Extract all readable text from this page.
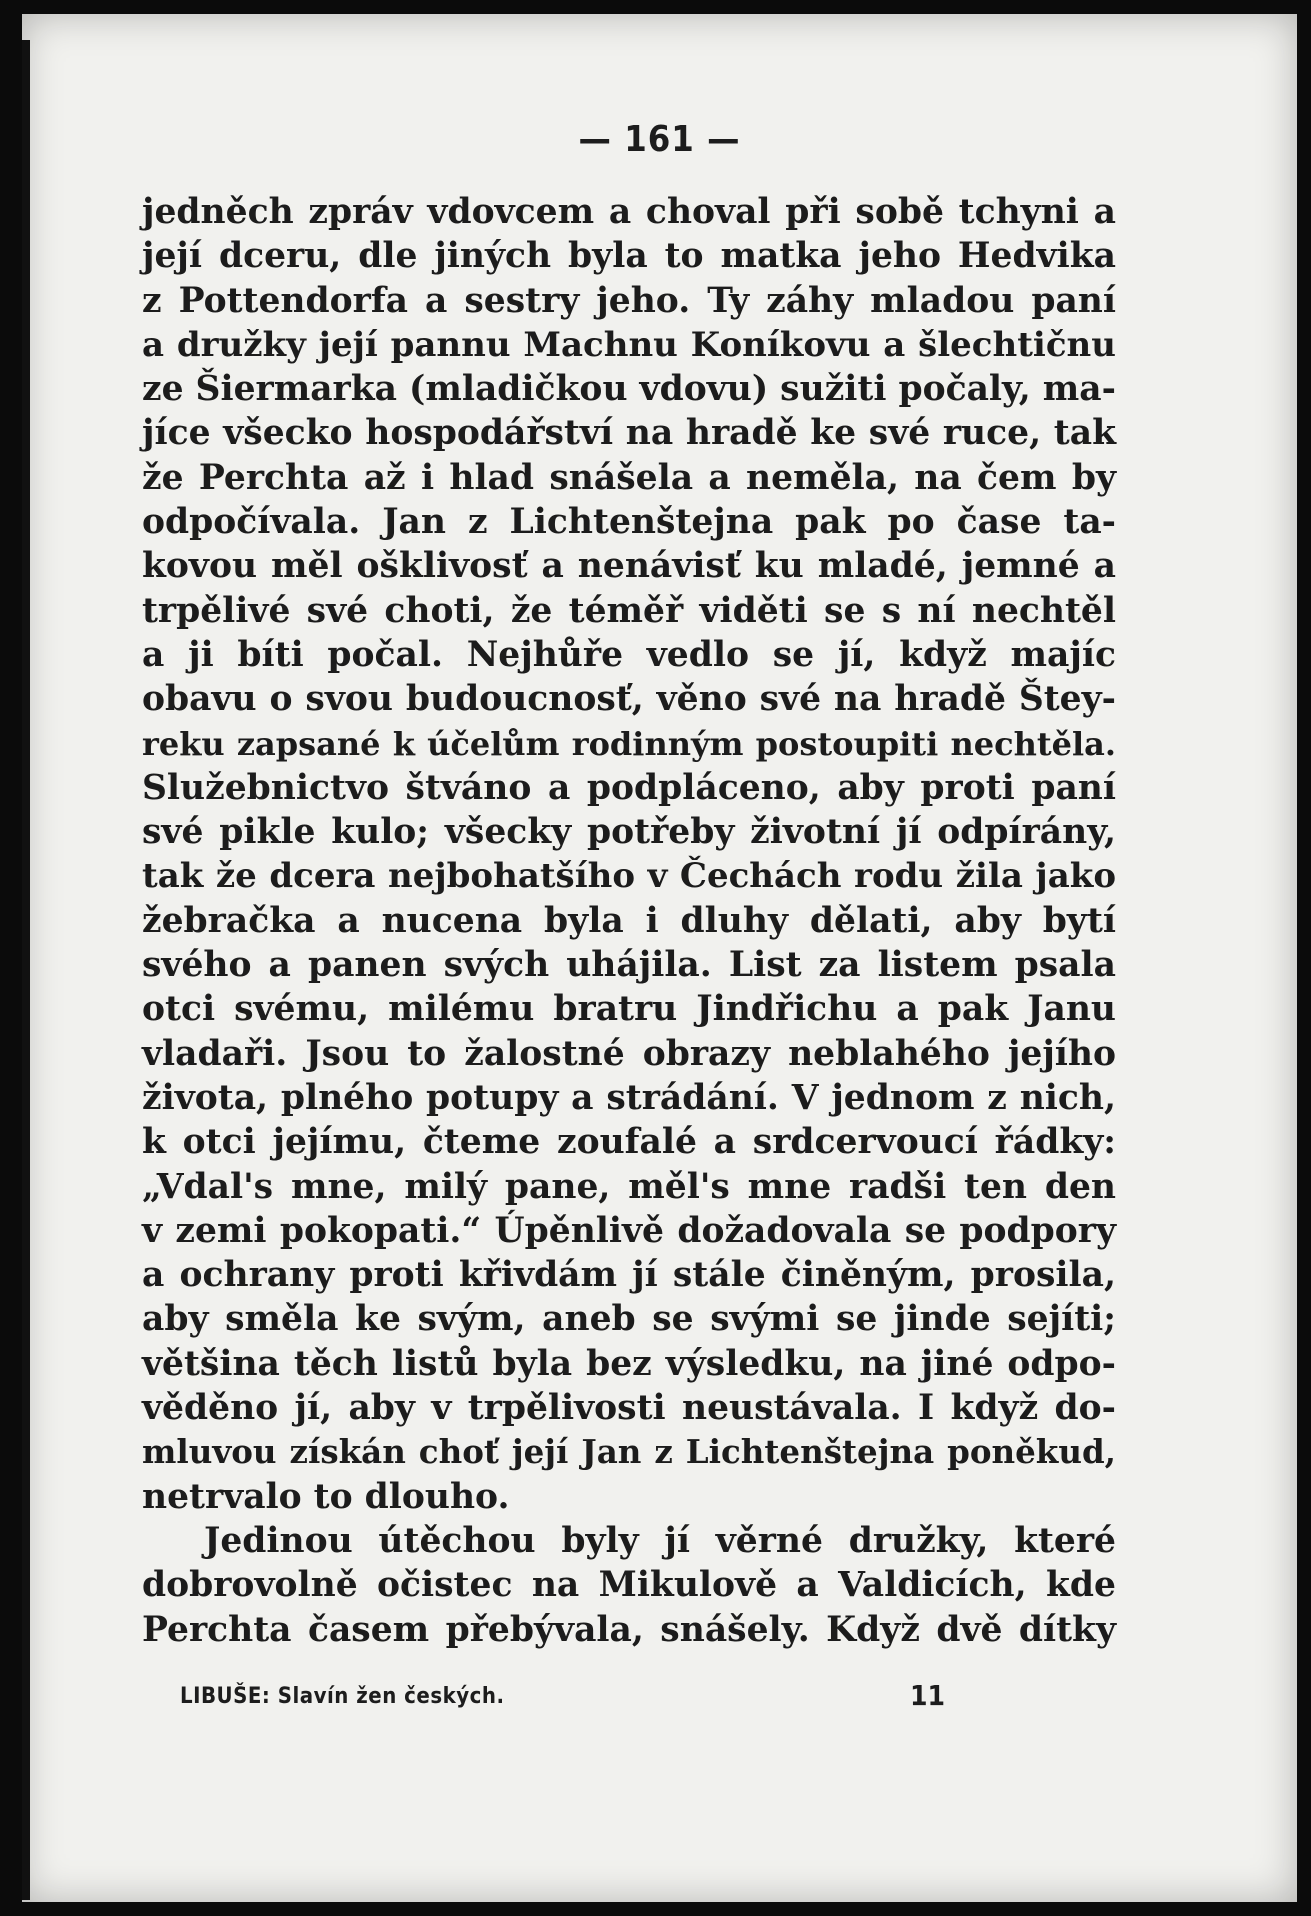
— 161 —
jedněch zpráv vdovcem a choval při sobě tchyni a
její dceru, dle jiných byla to matka jeho Hedvika
z Pottendorfa a sestry jeho. Ty záhy mladou paní
a družky její pannu Machnu Koníkovu a šlechtičnu
ze Šiermarka (mladičkou vdovu) sužiti počaly, ma-
jíce všecko hospodářství na hradě ke své ruce, tak
že Perchta až i hlad snášela a neměla, na čem by
odpočívala. Jan z Lichtenštejna pak po čase ta-
kovou měl ošklivosť a nenávisť ku mladé, jemné a
trpělivé své choti, že téměř viděti se s ní nechtěl
a ji bíti počal. Nejhůře vedlo se jí, když majíc
obavu o svou budoucnosť, věno své na hradě Štey-
reku zapsané k účelům rodinným postoupiti nechtěla.
Služebnictvo štváno a podpláceno, aby proti paní
své pikle kulo; všecky potřeby životní jí odpírány,
tak že dcera nejbohatšího v Čechách rodu žila jako
žebračka a nucena byla i dluhy dělati, aby bytí
svého a panen svých uhájila. List za listem psala
otci svému, milému bratru Jindřichu a pak Janu
vladaři. Jsou to žalostné obrazy neblahého jejího
života, plného potupy a strádání. V jednom z nich,
k otci jejímu, čteme zoufalé a srdcervoucí řádky:
„Vdal's mne, milý pane, měl's mne radši ten den
v zemi pokopati.“ Úpěnlivě dožadovala se podpory
a ochrany proti křivdám jí stále činěným, prosila,
aby směla ke svým, aneb se svými se jinde sejíti;
většina těch listů byla bez výsledku, na jiné odpo-
věděno jí, aby v trpělivosti neustávala. I když do-
mluvou získán choť její Jan z Lichtenštejna poněkud,
netrvalo to dlouho.
Jedinou útěchou byly jí věrné družky, které
dobrovolně očistec na Mikulově a Valdicích, kde
Perchta časem přebývala, snášely. Když dvě dítky
LIBUŠE: Slavín žen českých.	11
